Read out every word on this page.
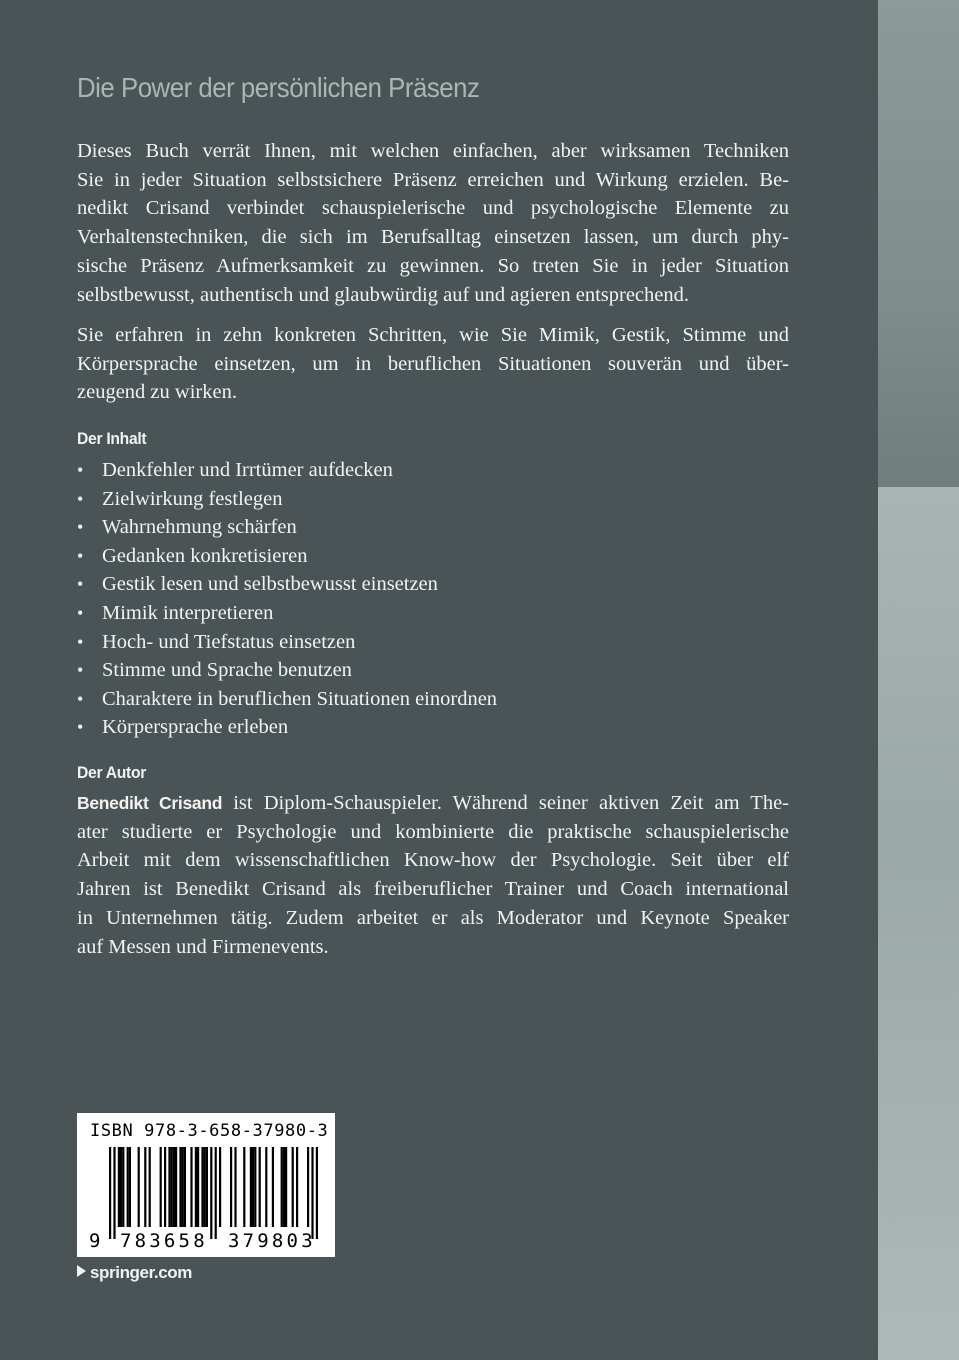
Die Power der persönlichen Präsenz

Dieses Buch verrät Ihnen, mit welchen einfachen, aber wirksamen Techniken
Sie in jeder Situation selbstsichere Präsenz erreichen und Wirkung erzielen. Be-
nedikt Crisand verbindet schauspielerische und psychologische Elemente zu
Verhaltenstechniken, die sich im Berufsalltag einsetzen lassen, um durch phy-
sische Präsenz Aufmerksamkeit zu gewinnen. So treten Sie in jeder Situation
selbstbewusst, authentisch und glaubwürdig auf und agieren entsprechend.

Sie erfahren in zehn konkreten Schritten, wie Sie Mimik, Gestik, Stimme und
Körpersprache einsetzen, um in beruflichen Situationen souverän und über-
zeugend zu wirken.

Der Inhalt
• Denkfehler und Irrtümer aufdecken
• Zielwirkung festlegen
• Wahrnehmung schärfen
• Gedanken konkretisieren
• Gestik lesen und selbstbewusst einsetzen
• Mimik interpretieren
• Hoch- und Tiefstatus einsetzen
• Stimme und Sprache benutzen
• Charaktere in beruflichen Situationen einordnen
• Körpersprache erleben
Der Autor

Benedikt Crisand ist Diplom-Schauspieler. Während seiner aktiven Zeit am The-
ater studierte er Psychologie und kombinierte die praktische schauspielerische
Arbeit mit dem wissenschaftlichen Know-how der Psychologie. Seit über elf
Jahren ist Benedikt Crisand als freiberuflicher Trainer und Coach international
in Unternehmen tätig. Zudem arbeitet er als Moderator und Keynote Speaker
auf Messen und Firmenevents.

ISBN 978-3-658-37980-3
9 783658 379803
springer.com
